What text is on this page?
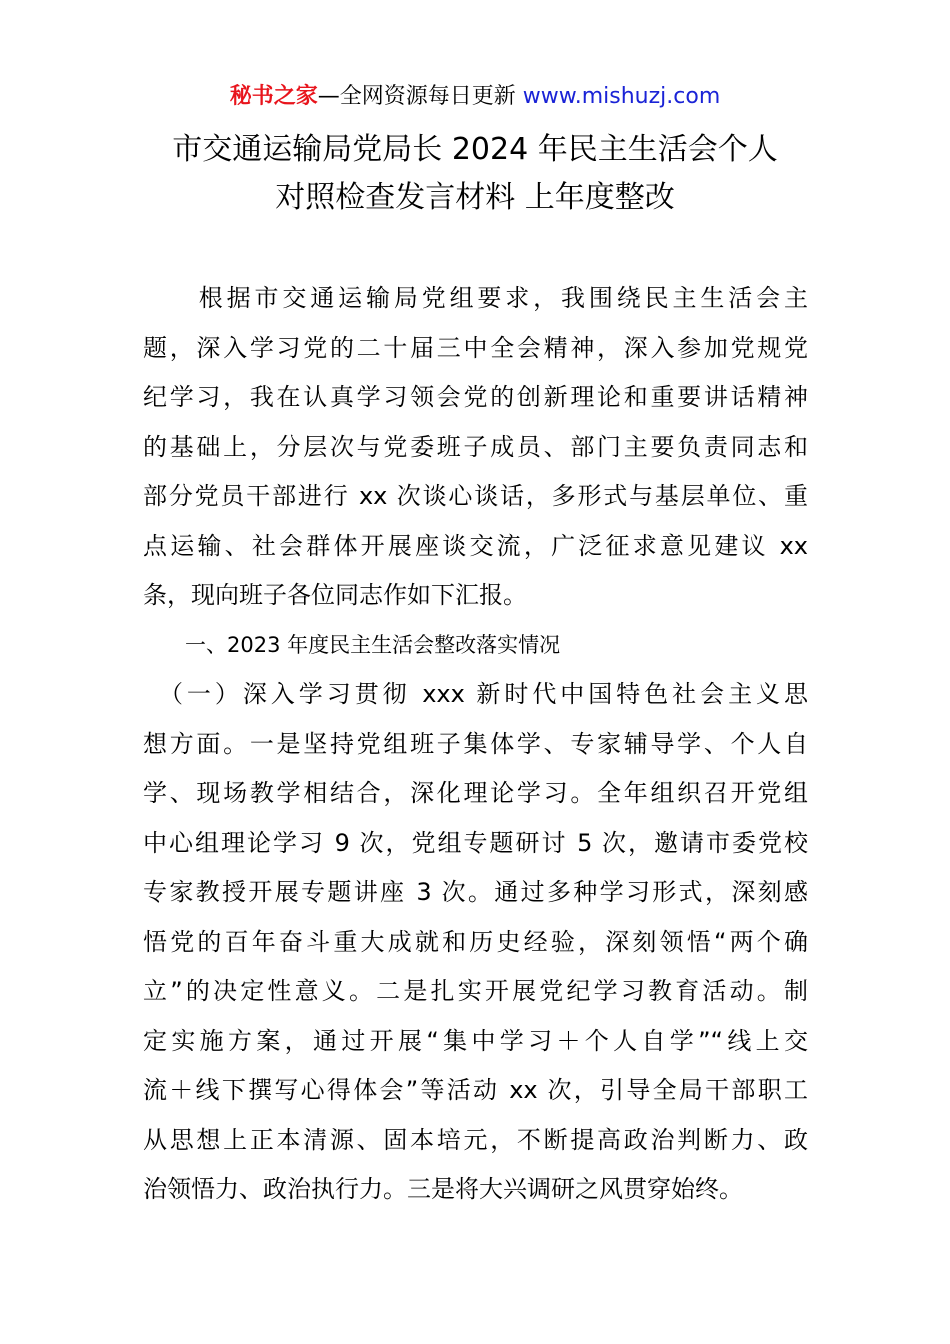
秘书之家—全网资源每日更新 www.mishuzj.com
市交通运输局党局长 2024 年民主生活会个人
对照检查发言材料 上年度整改
　　根据市交通运输局党组要求，我围绕民主生活会主
题，深入学习党的二十届三中全会精神，深入参加党规党
纪学习，我在认真学习领会党的创新理论和重要讲话精神
的基础上，分层次与党委班子成员、部门主要负责同志和
部分党员干部进行 xx 次谈心谈话，多形式与基层单位、重
点运输、社会群体开展座谈交流，广泛征求意见建议 xx
条，现向班子各位同志作如下汇报。
　　一、2023 年度民主生活会整改落实情况
　（一）深入学习贯彻 xxx 新时代中国特色社会主义思
想方面。一是坚持党组班子集体学、专家辅导学、个人自
学、现场教学相结合，深化理论学习。全年组织召开党组
中心组理论学习 9 次，党组专题研讨 5 次，邀请市委党校
专家教授开展专题讲座 3 次。通过多种学习形式，深刻感
悟党的百年奋斗重大成就和历史经验，深刻领悟“两个确
立”的决定性意义。二是扎实开展党纪学习教育活动。制
定实施方案，通过开展“集中学习＋个人自学”“线上交
流＋线下撰写心得体会”等活动 xx 次，引导全局干部职工
从思想上正本清源、固本培元，不断提高政治判断力、政
治领悟力、政治执行力。三是将大兴调研之风贯穿始终。
